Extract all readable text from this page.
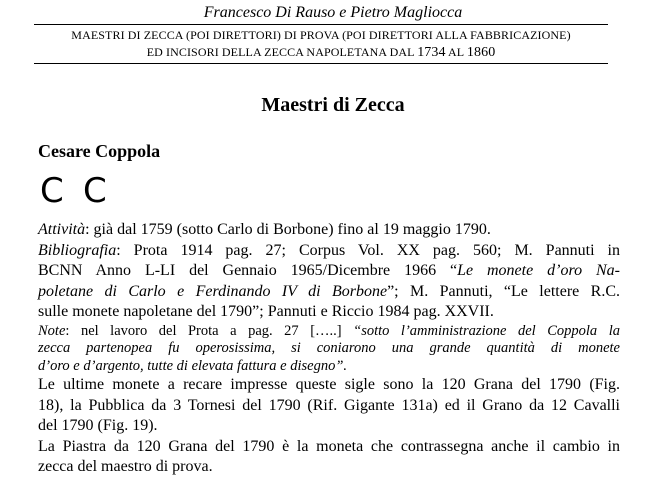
Francesco Di Rauso e Pietro Magliocca
MAESTRI DI ZECCA (POI DIRETTORI) DI PROVA (POI DIRETTORI ALLA FABBRICAZIONE)
ED INCISORI DELLA ZECCA NAPOLETANA DAL 1734 AL 1860
Maestri di Zecca
Cesare Coppola
C C
Attività: già dal 1759 (sotto Carlo di Borbone) fino al 19 maggio 1790.
Bibliografia: Prota 1914 pag. 27; Corpus Vol. XX pag. 560; M. Pannuti in
BCNN Anno L-LI del Gennaio 1965/Dicembre 1966 “Le monete d’oro Na-
poletane di Carlo e Ferdinando IV di Borbone”; M. Pannuti, “Le lettere R.C.
sulle monete napoletane del 1790”; Pannuti e Riccio 1984 pag. XXVII.
Note: nel lavoro del Prota a pag. 27 […..] “sotto l’amministrazione del Coppola la
zecca partenopea fu operosissima, si coniarono una grande quantità di monete
d’oro e d’argento, tutte di elevata fattura e disegno”.
Le ultime monete a recare impresse queste sigle sono la 120 Grana del 1790 (Fig.
18), la Pubblica da 3 Tornesi del 1790 (Rif. Gigante 131a) ed il Grano da 12 Cavalli
del 1790 (Fig. 19).
La Piastra da 120 Grana del 1790 è la moneta che contrassegna anche il cambio in
zecca del maestro di prova.
